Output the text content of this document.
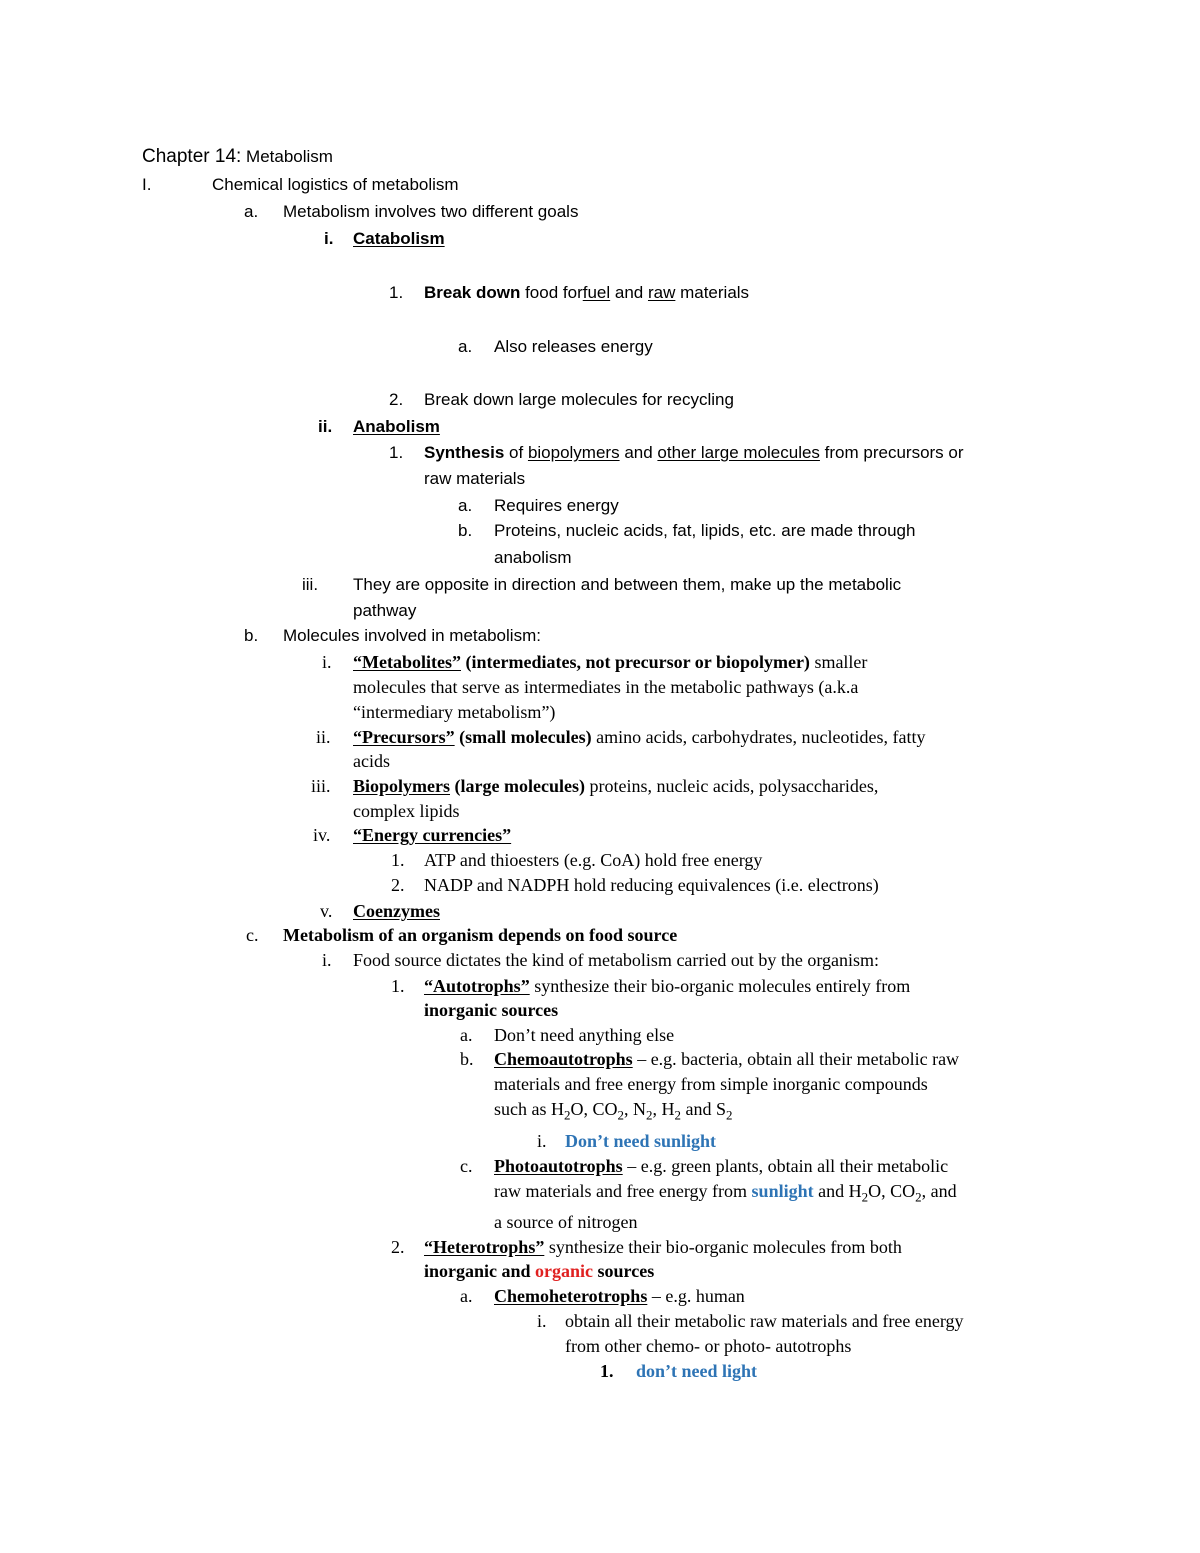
Chapter 14: Metabolism
I.	Chemical logistics of metabolism
a. Metabolism involves two different goals
i. Catabolism
1. Break down food forfuel and raw materials
a. Also releases energy
2. Break down large molecules for recycling
ii. Anabolism
1. Synthesis of biopolymers and other large molecules from precursors or
raw materials
a. Requires energy
b. Proteins, nucleic acids, fat, lipids, etc. are made through
anabolism
iii. They are opposite in direction and between them, make up the metabolic
pathway
b. Molecules involved in metabolism:
i. “Metabolites” (intermediates, not precursor or biopolymer) smaller
molecules that serve as intermediates in the metabolic pathways (a.k.a
“intermediary metabolism”)
ii. “Precursors” (small molecules) amino acids, carbohydrates, nucleotides, fatty
acids
iii. Biopolymers (large molecules) proteins, nucleic acids, polysaccharides,
complex lipids
iv. “Energy currencies”
1. ATP and thioesters (e.g. CoA) hold free energy
2. NADP and NADPH hold reducing equivalences (i.e. electrons)
v. Coenzymes
c. Metabolism of an organism depends on food source
i. Food source dictates the kind of metabolism carried out by the organism:
1. “Autotrophs” synthesize their bio-organic molecules entirely from
inorganic sources
a. Don’t need anything else
b. Chemoautotrophs – e.g. bacteria, obtain all their metabolic raw
materials and free energy from simple inorganic compounds
such as $H_2O$, $CO_2$, $N_2$, $H_2$ and $S_2$
i. Don’t need sunlight
c. Photoautotrophs – e.g. green plants, obtain all their metabolic
raw materials and free energy from sunlight and $H_2O$, $CO_2$, and
a source of nitrogen
2. “Heterotrophs” synthesize their bio-organic molecules from both
inorganic and organic sources
a. Chemoheterotrophs – e.g. human
i. obtain all their metabolic raw materials and free energy
from other chemo- or photo- autotrophs
1. don’t need light
